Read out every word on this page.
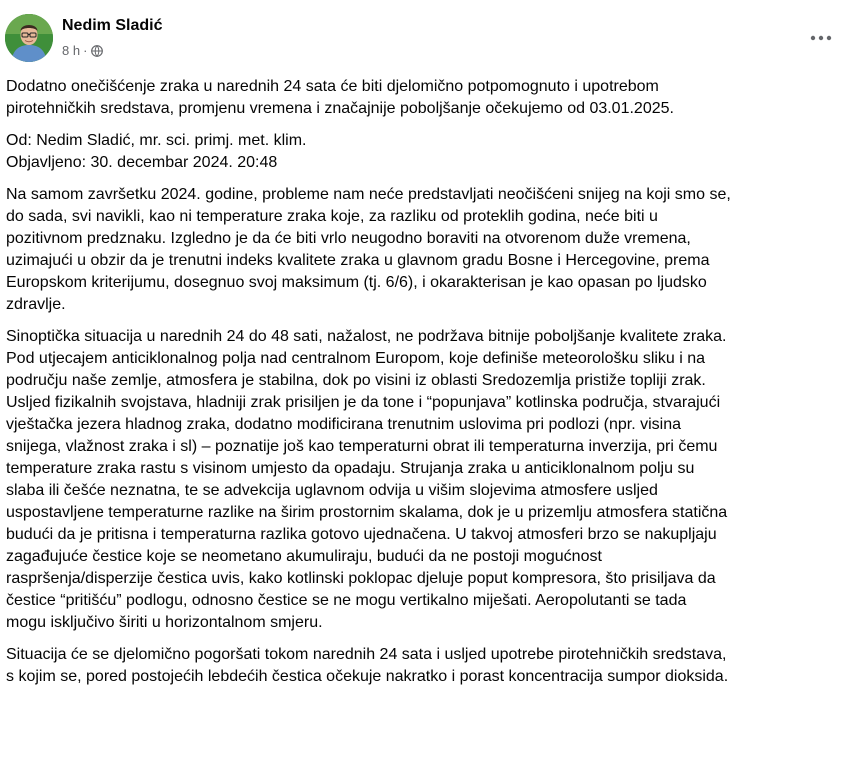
Nedim Sladić
8 h ·

Dodatno onečišćenje zraka u narednih 24 sata će biti djelomično potpomognuto i upotrebom
pirotehničkih sredstava, promjenu vremena i značajnije poboljšanje očekujemo od 03.01.2025.

Od: Nedim Sladić, mr. sci. primj. met. klim.
Objavljeno: 30. decembar 2024. 20:48

Na samom završetku 2024. godine, probleme nam neće predstavljati neočišćeni snijeg na koji smo se,
do sada, svi navikli, kao ni temperature zraka koje, za razliku od proteklih godina, neće biti u
pozitivnom predznaku. Izgledno je da će biti vrlo neugodno boraviti na otvorenom duže vremena,
uzimajući u obzir da je trenutni indeks kvalitete zraka u glavnom gradu Bosne i Hercegovine, prema
Europskom kriterijumu, dosegnuo svoj maksimum (tj. 6/6), i okarakterisan je kao opasan po ljudsko
zdravlje.

Sinoptička situacija u narednih 24 do 48 sati, nažalost, ne podržava bitnije poboljšanje kvalitete zraka.
Pod utjecajem anticiklonalnog polja nad centralnom Europom, koje definiše meteorološku sliku i na
području naše zemlje, atmosfera je stabilna, dok po visini iz oblasti Sredozemlja pristiže topliji zrak.
Usljed fizikalnih svojstava, hladniji zrak prisiljen je da tone i “popunjava” kotlinska područja, stvarajući
vještačka jezera hladnog zraka, dodatno modificirana trenutnim uslovima pri podlozi (npr. visina
snijega, vlažnost zraka i sl) – poznatije još kao temperaturni obrat ili temperaturna inverzija, pri čemu
temperature zraka rastu s visinom umjesto da opadaju. Strujanja zraka u anticiklonalnom polju su
slaba ili češće neznatna, te se advekcija uglavnom odvija u višim slojevima atmosfere usljed
uspostavljene temperaturne razlike na širim prostornim skalama, dok je u prizemlju atmosfera statična
budući da je pritisna i temperaturna razlika gotovo ujednačena. U takvoj atmosferi brzo se nakupljaju
zagađujuće čestice koje se neometano akumuliraju, budući da ne postoji mogućnost
raspršenja/disperzije čestica uvis, kako kotlinski poklopac djeluje poput kompresora, što prisiljava da
čestice “pritišću” podlogu, odnosno čestice se ne mogu vertikalno miješati. Aeropolutanti se tada
mogu isključivo širiti u horizontalnom smjeru.

Situacija će se djelomično pogoršati tokom narednih 24 sata i usljed upotrebe pirotehničkih sredstava,
s kojim se, pored postojećih lebdećih čestica očekuje nakratko i porast koncentracija sumpor dioksida.
